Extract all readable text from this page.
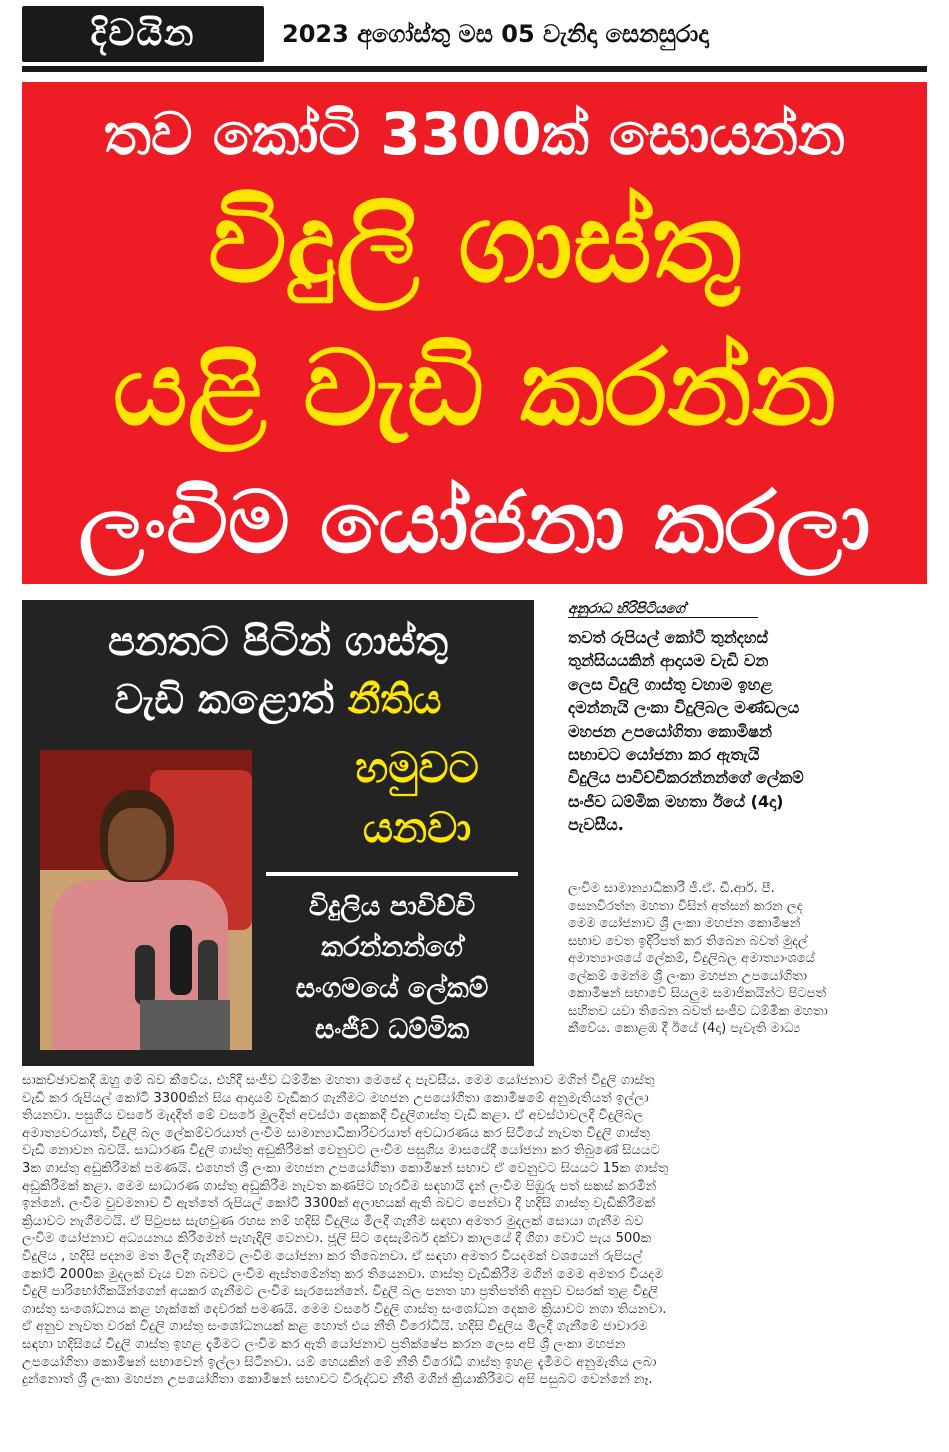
දිවයින	2023 අගෝස්තු මස 05 වැනිදා සෙනසුරාදා
තව කෝටි 3300ක් සොයන්න
විදුලි ගාස්තු
යළි වැඩි කරන්න
ලංවිම යෝජනා කරලා
පනතට පිටින් ගාස්තු
වැඩි කළොත් නීතිය
හමුවට
යනවා
විදුලිය පාවිච්චි
කරන්නන්ගේ
සංගමයේ ලේකම්
සංජීව ධම්මික
අනුරාධ හිරිපිටියගේ
තවත් රුපියල් කෝටි තුන්දහස්
තුන්සියයකින් ආදායම වැඩි වන
ලෙස විදුලි ගාස්තු වහාම ඉහළ
දමන්නැයි ලංකා විදුලිබල මණ්ඩලය
මහජන උපයෝගිතා කොමිෂන්
සභාවට යෝජනා කර ඇතැයි
විදුලිය පාවිච්චිකරන්නන්ගේ ලේකම්
සංජීව ධම්මික මහතා ඊයේ (4දා)
පැවසීය.
ලංවිම සාමාන්‍යාධිකාරී ජී.ඒ. ඩී.ආර්. පී.
සෙනවිරත්න මහතා විසින් අත්සන් කරන ලද
මෙම යෝජනාව ශ්‍රී ලංකා මහජන කොමිෂන්
සභාව වෙත ඉදිරිපත් කර තිබෙන බවත් මුදල්
අමාත්‍යාංශයේ ලේකම්, විදුලිබල අමාත්‍යාංශයේ
ලේකම් මෙන්ම ශ්‍රී ලංකා මහජන උපයෝගිතා
කොමිෂන් සභාවේ සියලුම සමාජිකයින්ට පිටපත්
සහිතව යවා තිබෙන බවත් සංජීව ධම්මික මහතා
කීවේය. කොළඹ දී ඊයේ (4දා) පැවැති මාධ්‍ය
සාකච්ඡාවකදී ඔහු මේ බව කීවේය. එහිදී සංජීව ධම්මික මහතා මෙසේ ද පැවසීය. මෙම යෝජනාව මගින් විදුලි ගාස්තු
වැඩි කර රුපියල් කෝටි 3300කින් සිය ආදායම් වැඩිකර ගැනීමට මහජන උපයෝගිතා කොමිෂමේ අනුමැතියත් ඉල්ලා
තියනවා. පසුගිය වසරේ මැදදීත් මේ වසරේ මුලදීත් අවස්ථා දෙකකදී විදුලිගාස්තු වැඩි කළා. ඒ අවස්ථාවලදී විදුලිබල
අමාත්‍යවරයාත්, විදුලි බල ලේකම්වරයාත් ලංවිම සාමාන්‍යාධිකාරිවරයාත් අවධාරණය කර සිටියේ නැවත විදුලි ගාස්තු
වැඩි නොවන බවයි. සාධාරණ විදුලි ගාස්තු අඩුකිරීමක් වෙනුවට ලංවිම පසුගිය මාසයේදී යෝජනා කර තිබුණේ සියයට
3ක ගාස්තු අඩුකිරීමක් පමණයි. එහෙත් ශ්‍රී ලංකා මහජන උපයෝගිතා කොමිෂන් සභාව ඒ වෙනුවට සියයට 15ක ගාස්තු
අඩුකිරීමක් කළා. මෙම සාධාරණ ගාස්තු අඩුකිරීම නැවත කණපිට හැරවීම සඳහායි දැන් ලංවිම පිඹුරු පත් සකස් කරමින්
ඉන්නේ. ලංවිම වුවමනාව වී ඇත්තේ රුපියල් කෝටි 3300ක් අලාභයක් ඇති බවට පෙන්වා දී හදිසි ගාස්තු වැඩිකිරීමක්
ක්‍රියාවට නැගීමටයි. ඒ පිටුපස සැඟවුණ රහස නම් හදිසි විදුලිය මිලදී ගැනීම සඳහා අමතර මුදලක් සොයා ගැනීම බව
ලංවිම යෝජනාව අධ්‍යයනය කිරීමෙන් පැහැදිලි වෙනවා. ජූලි සිට දෙසැම්බර් දක්වා කාලයේ දී ගිගා වොට් පැය 500ක
විදුලිය , හදිසි පදනම මත මිලදී ගැනීමට ලංවිම යෝජනා කර තිබෙනවා. ඒ සඳහා අමතර වියදමක් වශයෙන් රුපියල්
කෝටි 2000ක මුදලක් වැය වන බවට ලංවිම ඇස්තමේන්තු කර තියෙනවා. ගාස්තු වැඩිකිරීම මගින් මෙම අමතර වියදම
විදුලි පාරිභෝගිකයින්ගෙන් අයකර ගැනීමට ලංවිම සැරසෙන්නේ. විදුලි බල පනත හා ප්‍රතිපත්ති අනුව වසරක් තුළ විදුලි
ගාස්තු සංශෝධනය කළ හැක්කේ දෙවරක් පමණයි. මෙම වසරේ විදුලි ගාස්තු සංශෝධන දෙකම ක්‍රියාවට නගා තියනවා.
ඒ අනුව නැවත වරක් විදුලි ගාස්තු සංශෝධනයක් කළ හොත් එය නීති විරෝධියි. හදිසි විදුලිය මිලදී ගැනීමේ ජාවාරම
සඳහා හදිසියේ විදුලි ගාස්තු ඉහළ දැමීමට ලංවිම කර ඇති යෝජනාව ප්‍රතික්ෂේප කරන ලෙස අපි ශ්‍රී ලංකා මහජන
උපයෝගිතා කොමිෂන් සභාවෙන් ඉල්ලා සිටිනවා. යම් හෙයකින් මේ නීති විරෝධී ගාස්තු ඉහළ දැමීමට අනුමැතිය ලබා
දුන්නොත් ශ්‍රී ලංකා මහජන උපයෝගිතා කොමිෂන් සභාවට විරුද්ධව නීති මගින් ක්‍රියාකිරීමට අපි පසුබට වෙන්නේ නෑ.
